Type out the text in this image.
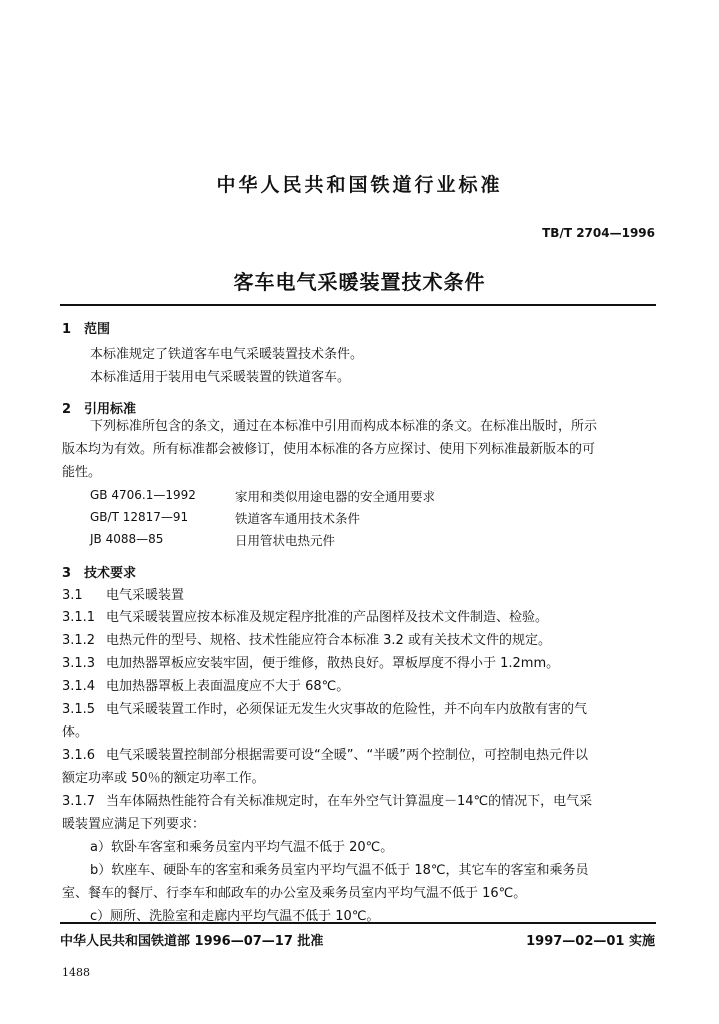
中华人民共和国铁道行业标准
TB/T 2704—1996
客车电气采暖装置技术条件
1 范围
本标准规定了铁道客车电气采暖装置技术条件。
本标准适用于装用电气采暖装置的铁道客车。
2 引用标准
下列标准所包含的条文，通过在本标准中引用而构成本标准的条文。在标准出版时，所示
版本均为有效。所有标准都会被修订，使用本标准的各方应探讨、使用下列标准最新版本的可
能性。
GB 4706.1—1992	家用和类似用途电器的安全通用要求
GB/T 12817—91	铁道客车通用技术条件
JB 4088—85	日用管状电热元件
3 技术要求
3.1 电气采暖装置
3.1.1 电气采暖装置应按本标准及规定程序批准的产品图样及技术文件制造、检验。
3.1.2 电热元件的型号、规格、技术性能应符合本标准 3.2 或有关技术文件的规定。
3.1.3 电加热器罩板应安装牢固，便于维修，散热良好。罩板厚度不得小于 1.2mm。
3.1.4 电加热器罩板上表面温度应不大于 68℃。
3.1.5 电气采暖装置工作时，必须保证无发生火灾事故的危险性，并不向车内放散有害的气
体。
3.1.6 电气采暖装置控制部分根据需要可设“全暖”、“半暖”两个控制位，可控制电热元件以
额定功率或 50％的额定功率工作。
3.1.7 当车体隔热性能符合有关标准规定时，在车外空气计算温度－14℃的情况下，电气采
暖装置应满足下列要求：
a）软卧车客室和乘务员室内平均气温不低于 20℃。
b）软座车、硬卧车的客室和乘务员室内平均气温不低于 18℃，其它车的客室和乘务员
室、餐车的餐厅、行李车和邮政车的办公室及乘务员室内平均气温不低于 16℃。
c）厕所、洗脸室和走廊内平均气温不低于 10℃。
中华人民共和国铁道部 1996—07—17 批准	1997—02—01 实施
1488
